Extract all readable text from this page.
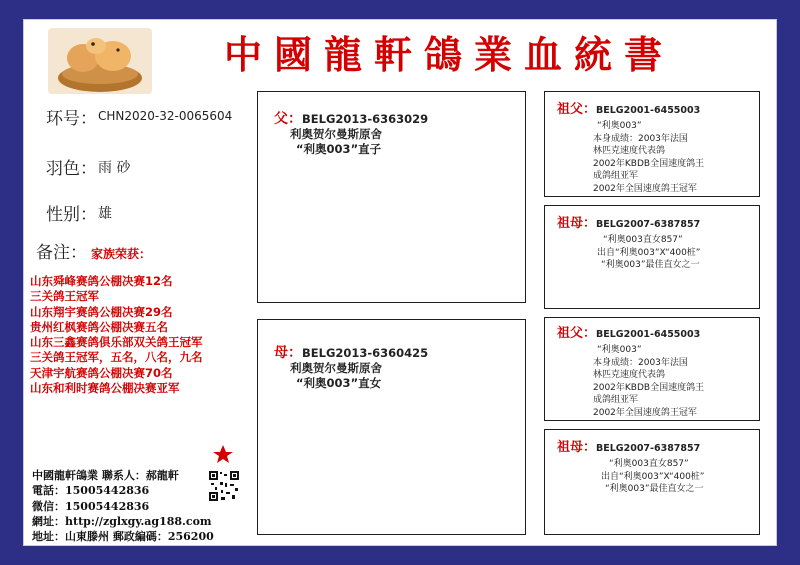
中國龍軒鴿業血統書
环号： CHN2020-32-0065604
羽色： 雨 砂
性别： 雄
备注： 家族荣获：
山东舜峰赛鸽公棚决赛12名
三关鸽王冠军
山东翔宇赛鸽公棚决赛29名
贵州红枫赛鸽公棚决赛五名
山东三鑫赛鸽俱乐部双关鸽王冠军
三关鸽王冠军，五名，八名，九名
天津宇航赛鸽公棚决赛70名
山东和利时赛鸽公棚决赛亚军
中國龍軒鴿業 聯系人：郝龍軒
電話：15005442836
微信：15005442836
網址：http://zglxgy.ag188.com
地址：山東滕州 郵政編碼：256200
父：BELG2013-6363029
利奥贺尔曼斯原舍
“利奥003”直子
母：BELG2013-6360425
利奥贺尔曼斯原舍
“利奥003”直女
祖父：BELG2001-6455003
“利奥003”
本身成绩：2003年法国
林匹克速度代表鸽
2002年KBDB全国速度鸽王
成鸽组亚军
2002年全国速度鸽王冠军
祖母：BELG2007-6387857
“利奥003直女857”
出自“利奥003”X“400桩”
“利奥003”最佳直女之一
祖父：BELG2001-6455003
“利奥003”
本身成绩：2003年法国
林匹克速度代表鸽
2002年KBDB全国速度鸽王
成鸽组亚军
2002年全国速度鸽王冠军
祖母：BELG2007-6387857
“利奥003直女857”
出自“利奥003”X“400桩”
“利奥003”最佳直女之一
